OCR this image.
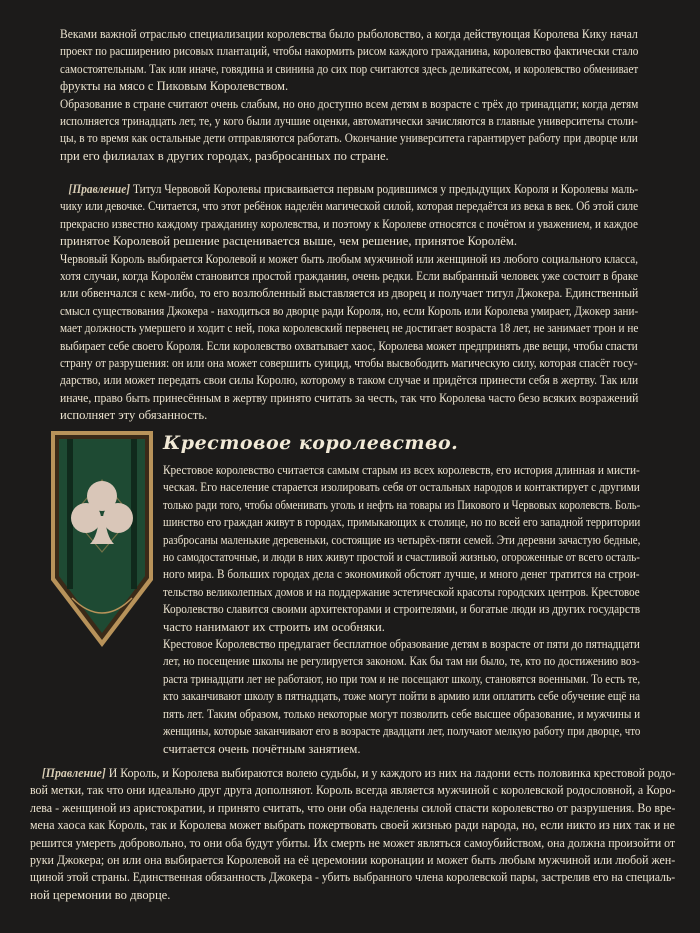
Веками важной отраслью специализации королевства было рыболовство, а когда действующая Королева Кику начал
проект по расширению рисовых плантаций, чтобы накормить рисом каждого гражданина, королевство фактически стало
самостоятельным. Так или иначе, говядина и свинина до сих пор считаются здесь деликатесом, и королевство обменивает
фрукты на мясо с Пиковым Королевством.
Образование в стране считают очень слабым, но оно доступно всем детям в возрасте с трёх до тринадцати; когда детям
исполняется тринадцать лет, те, у кого были лучшие оценки, автоматически зачисляются в главные университеты столи-
цы, в то время как остальные дети отправляются работать. Окончание университета гарантирует работу при дворце или
при его филиалах в других городах, разбросанных по стране.
[Правление] Титул Червовой Королевы присваивается первым родившимся у предыдущих Короля и Королевы маль-
чику или девочке. Считается, что этот ребёнок наделён магической силой, которая передаётся из века в век. Об этой силе
прекрасно известно каждому гражданину королевства, и поэтому к Королеве относятся с почётом и уважением, и каждое
принятое Королевой решение расценивается выше, чем решение, принятое Королём.
Червовый Король выбирается Королевой и может быть любым мужчиной или женщиной из любого социального класса,
хотя случаи, когда Королём становится простой гражданин, очень редки. Если выбранный человек уже состоит в браке
или обвенчался с кем-либо, то его возлюбленный выставляется из дворец и получает титул Джокера. Единственный
смысл существования Джокера - находиться во дворце ради Короля, но, если Король или Королева умирает, Джокер зани-
мает должность умершего и ходит с ней, пока королевский первенец не достигает возраста 18 лет, не занимает трон и не
выбирает себе своего Короля. Если королевство охватывает хаос, Королева может предпринять две вещи, чтобы спасти
страну от разрушения: он или она может совершить суицид, чтобы высвободить магическую силу, которая спасёт госу-
дарство, или может передать свои силы Королю, которому в таком случае и придётся принести себя в жертву. Так или
иначе, право быть принесённым в жертву принято считать за честь, так что Королева часто безо всяких возражений
исполняет эту обязанность.
Крестовое королевство.
Крестовое королевство считается самым старым из всех королевств, его история длинная и мисти-
ческая. Его население старается изолировать себя от остальных народов и контактирует с другими
только ради того, чтобы обменивать уголь и нефть на товары из Пикового и Червовых королевств. Боль-
шинство его граждан живут в городах, примыкающих к столице, но по всей его западной территории
разбросаны маленькие деревеньки, состоящие из четырёх-пяти семей. Эти деревни зачастую бедные,
но самодостаточные, и люди в них живут простой и счастливой жизнью, огороженные от всего осталь-
ного мира. В больших городах дела с экономикой обстоят лучше, и много денег тратится на строи-
тельство великолепных домов и на поддержание эстетической красоты городских центров. Крестовое
Королевство славится своими архитекторами и строителями, и богатые люди из других государств
часто нанимают их строить им особняки.
Крестовое Королевство предлагает бесплатное образование детям в возрасте от пяти до пятнадцати
лет, но посещение школы не регулируется законом. Как бы там ни было, те, кто по достижению воз-
раста тринадцати лет не работают, но при том и не посещают школу, становятся военными. То есть те,
кто заканчивают школу в пятнадцать, тоже могут пойти в армию или оплатить себе обучение ещё на
пять лет. Таким образом, только некоторые могут позволить себе высшее образование, и мужчины и
женщины, которые заканчивают его в возрасте двадцати лет, получают мелкую работу при дворце, что
считается очень почётным занятием.
[Правление] И Король, и Королева выбираются волею судьбы, и у каждого из них на ладони есть половинка крестовой родо-
вой метки, так что они идеально друг друга дополняют. Король всегда является мужчиной с королевской родословной, а Коро-
лева - женщиной из аристократии, и принято считать, что они оба наделены силой спасти королевство от разрушения. Во вре-
мена хаоса как Король, так и Королева может выбрать пожертвовать своей жизнью ради народа, но, если никто из них так и не
решится умереть добровольно, то они оба будут убиты. Их смерть не может являться самоубийством, она должна произойти от
руки Джокера; он или она выбирается Королевой на её церемонии коронации и может быть любым мужчиной или любой жен-
щиной этой страны. Единственная обязанность Джокера - убить выбранного члена королевской пары, застрелив его на специаль-
ной церемонии во дворце.
